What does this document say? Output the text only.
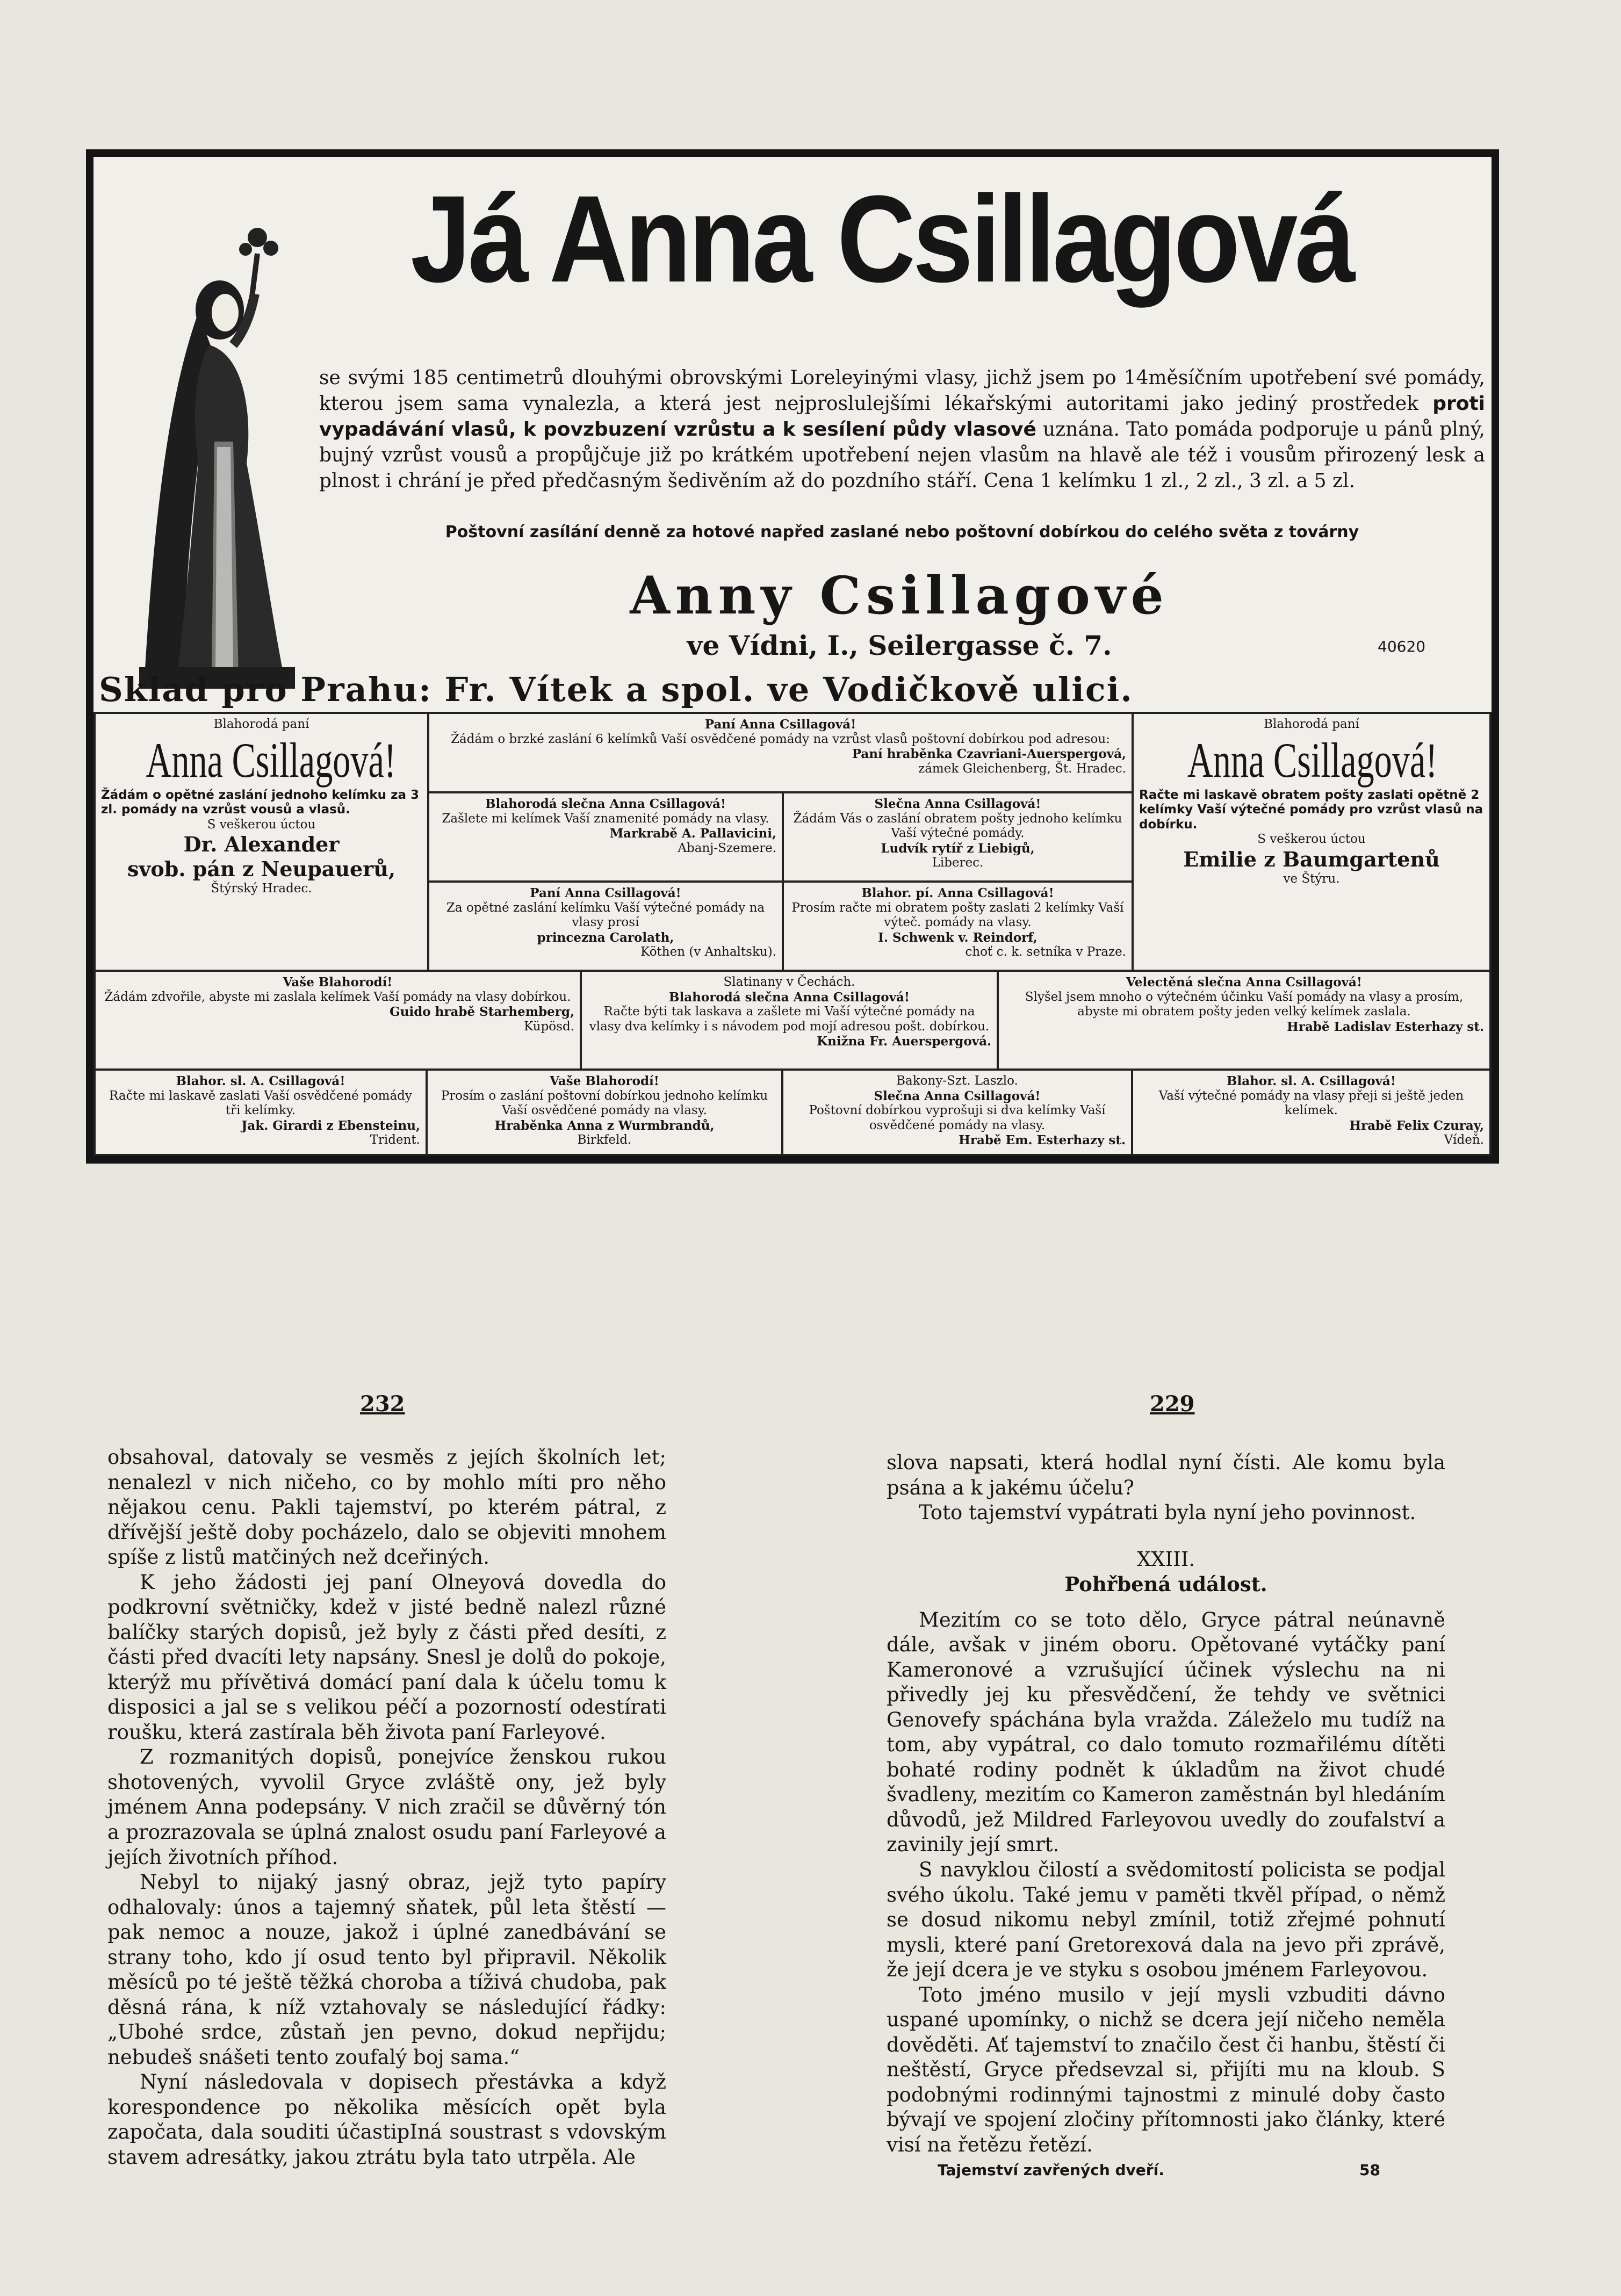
Já Anna Csillagová
se svými 185 centimetrů dlouhými obrovskými Loreleyinými vlasy, jichž jsem po 14měsíčním upotřebení své pomády, kterou jsem sama vynalezla, a která jest nejproslulejšími lékařskými autoritami jako jediný prostředek proti vypadávání vlasů, k povzbuzení vzrůstu a k sesílení půdy vlasové uznána. Tato pomáda podporuje u pánů plný, bujný vzrůst vousů a propůjčuje již po krátkém upotřebení nejen vlasům na hlavě ale též i vousům přirozený lesk a plnost i chrání je před předčasným šedivěním až do pozdního stáří. Cena 1 kelímku 1 zl., 2 zl., 3 zl. a 5 zl.
Poštovní zasílání denně za hotové napřed zaslané nebo poštovní dobírkou do celého světa z továrny
Anny Csillagové
ve Vídni, I., Seilergasse č. 7.	40620
Sklad pro Prahu: Fr. Vítek a spol. ve Vodičkově ulici.
Blahorodá paní
Anna Csillagová!
Žádám o opětné zaslání jednoho kelímku za 3 zl. pomády na vzrůst vousů a vlasů.
S veškerou úctou
Dr. Alexander
svob. pán z Neupauerů,
Štýrský Hradec.
Paní Anna Csillagová!
Žádám o brzké zaslání 6 kelímků Vaší osvědčené pomády na vzrůst vlasů poštovní dobírkou pod adresou:
Paní hraběnka Czavriani-Auerspergová,
zámek Gleichenberg, Št. Hradec.
Blahorodá paní
Anna Csillagová!
Račte mi laskavě obratem pošty zaslati opětně 2 kelímky Vaší výtečné pomády pro vzrůst vlasů na dobírku.
S veškerou úctou
Emilie z Baumgartenů
ve Štýru.
Blahorodá slečna Anna Csillagová!
Zašlete mi kelímek Vaší znamenité pomády na vlasy.
Markrabě A. Pallavicini,
Abanj-Szemere.
Slečna Anna Csillagová!
Žádám Vás o zaslání obratem pošty jednoho kelímku Vaší výtečné pomády.
Ludvík rytíř z Liebigů,
Liberec.
Paní Anna Csillagová!
Za opětné zaslání kelímku Vaší výtečné pomády na vlasy prosí
princezna Carolath,
Köthen (v Anhaltsku).
Blahor. pí. Anna Csillagová!
Prosím račte mi obratem pošty zaslati 2 kelímky Vaší výteč. pomády na vlasy.
I. Schwenk v. Reindorf,
choť c. k. setníka v Praze.
Vaše Blahorodí!
Žádám zdvořile, abyste mi zaslala kelímek Vaší pomády na vlasy dobírkou.
Guido hrabě Starhemberg,
Küpösd.
Slatinany v Čechách.
Blahorodá slečna Anna Csillagová!
Račte býti tak laskava a zašlete mi Vaší výtečné pomády na vlasy dva kelímky i s návodem pod mojí adresou pošt. dobírkou.
Knižna Fr. Auerspergová.
Velectěná slečna Anna Csillagová!
Slyšel jsem mnoho o výtečném účinku Vaší pomády na vlasy a prosím, abyste mi obratem pošty jeden velký kelímek zaslala.
Hrabě Ladislav Esterhazy st.
Blahor. sl. A. Csillagová!
Račte mi laskavě zaslati Vaší osvědčené pomády tři kelímky.
Jak. Girardi z Ebensteinu,
Trident.
Vaše Blahorodí!
Prosím o zaslání poštovní dobírkou jednoho kelímku Vaší osvědčené pomády na vlasy.
Hraběnka Anna z Wurmbrandů,
Birkfeld.
Bakony-Szt. Laszlo.
Slečna Anna Csillagová!
Poštovní dobírkou vyprošuji si dva kelímky Vaší osvědčené pomády na vlasy.
Hrabě Em. Esterhazy st.
Blahor. sl. A. Csillagová!
Vaší výtečné pomády na vlasy přeji si ještě jeden kelímek.
Hrabě Felix Czuray,
Vídeň.
232

obsahoval, datovaly se vesměs z jejích školních let; nenalezl v nich ničeho, co by mohlo míti pro něho nějakou cenu. Pakli tajemství, po kterém pátral, z dřívější ještě doby pocházelo, dalo se objeviti mnohem spíše z listů matčiných než dceřiných.

K jeho žádosti jej paní Olneyová dovedla do podkrovní světničky, kdež v jisté bedně nalezl různé balíčky starých dopisů, jež byly z části před desíti, z části před dvacíti lety napsány. Snesl je dolů do pokoje, kterýž mu přívětivá domácí paní dala k účelu tomu k disposici a jal se s velikou péčí a pozorností odestírati roušku, která zastírala běh života paní Farleyové.

Z rozmanitých dopisů, ponejvíce ženskou rukou shotovených, vyvolil Gryce zvláště ony, jež byly jménem Anna podepsány. V nich zračil se důvěrný tón a prozrazovala se úplná znalost osudu paní Farleyové a jejích životních příhod.

Nebyl to nijaký jasný obraz, jejž tyto papíry odhalovaly: únos a tajemný sňatek, půl leta štěstí — pak nemoc a nouze, jakož i úplné zanedbávání se strany toho, kdo jí osud tento byl připravil. Několik měsíců po té ještě těžká choroba a tíživá chudoba, pak děsná rána, k níž vztahovaly se následující řádky: „Ubohé srdce, zůstaň jen pevno, dokud nepřijdu; nebudeš snášeti tento zoufalý boj sama.“

Nyní následovala v dopisech přestávka a když korespondence po několika měsících opět byla započata, dala souditi účastipIná soustrast s vdovským stavem adresátky, jakou ztrátu byla tato utrpěla. Ale

229

slova napsati, která hodlal nyní čísti. Ale komu byla psána a k jakému účelu?

Toto tajemství vypátrati byla nyní jeho povinnost.

XXIII.

Pohřbená událost.

Mezitím co se toto dělo, Gryce pátral neúnavně dále, avšak v jiném oboru. Opětované vytáčky paní Kameronové a vzrušující účinek výslechu na ni přivedly jej ku přesvědčení, že tehdy ve světnici Genovefy spáchána byla vražda. Záleželo mu tudíž na tom, aby vypátral, co dalo tomuto rozmařilému dítěti bohaté rodiny podnět k úkladům na život chudé švadleny, mezitím co Kameron zaměstnán byl hledáním důvodů, jež Mildred Farleyovou uvedly do zoufalství a zavinily její smrt.

S navyklou čilostí a svědomitostí policista se podjal svého úkolu. Také jemu v paměti tkvěl případ, o němž se dosud nikomu nebyl zmínil, totiž zřejmé pohnutí mysli, které paní Gretorexová dala na jevo při zprávě, že její dcera je ve styku s osobou jménem Farleyovou.

Toto jméno musilo v její mysli vzbuditi dávno uspané upomínky, o nichž se dcera její ničeho neměla dověděti. Ať tajemství to značilo čest či hanbu, štěstí či neštěstí, Gryce předsevzal si, přijíti mu na kloub. S podobnými rodinnými tajnostmi z minulé doby často bývají ve spojení zločiny přítomnosti jako články, které visí na řetězu řetězí.

Tajemství zavřených dveří.	58
